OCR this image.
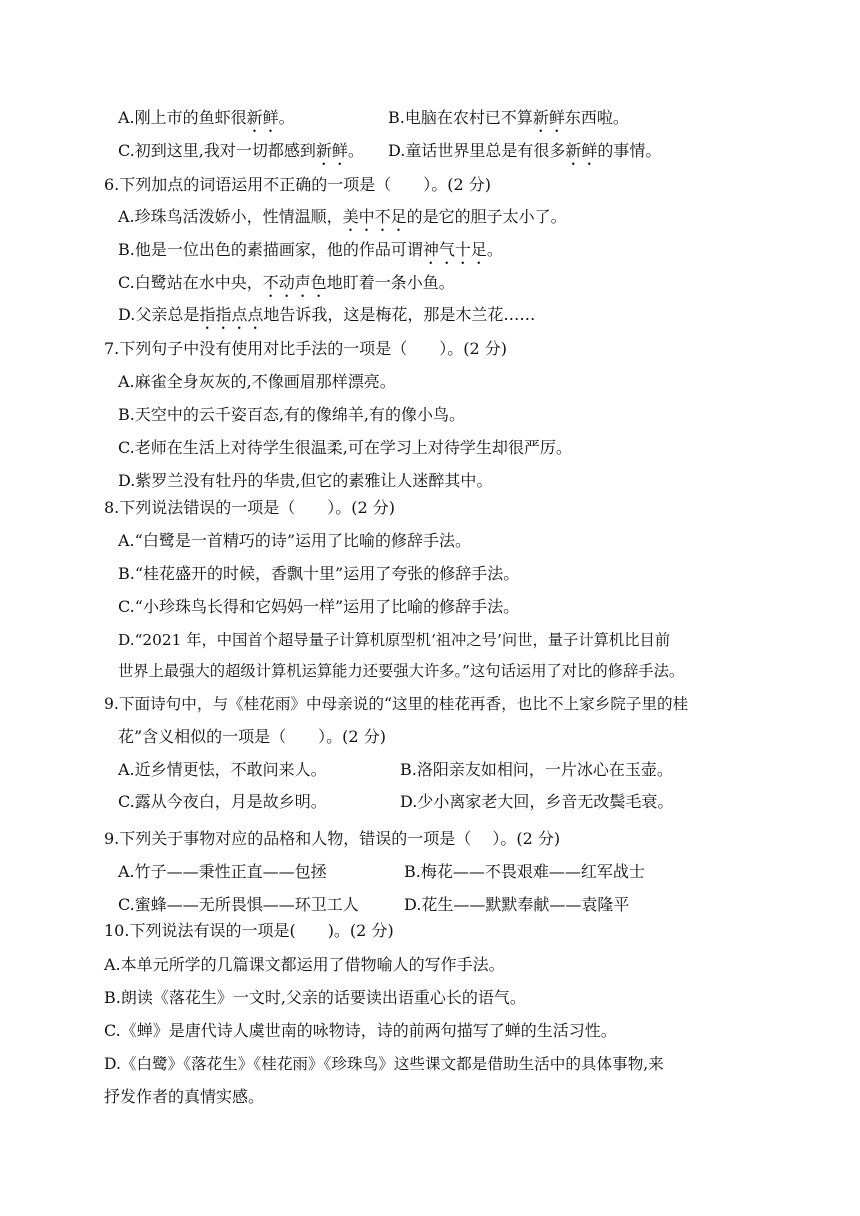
A.刚上市的鱼虾很新鲜。	B.电脑在农村已不算新鲜东西啦。
C.初到这里,我对一切都感到新鲜。 D.童话世界里总是有很多新鲜的事情。
6.下列加点的词语运用不正确的一项是（　　）。(2 分)
A.珍珠鸟活泼娇小，性情温顺，美中不足的是它的胆子太小了。
B.他是一位出色的素描画家，他的作品可谓神气十足。
C.白鹭站在水中央，不动声色地盯着一条小鱼。
D.父亲总是指指点点地告诉我，这是梅花，那是木兰花……
7.下列句子中没有使用对比手法的一项是（　　）。(2 分)
A.麻雀全身灰灰的,不像画眉那样漂亮。
B.天空中的云千姿百态,有的像绵羊,有的像小鸟。
C.老师在生活上对待学生很温柔,可在学习上对待学生却很严厉。
D.紫罗兰没有牡丹的华贵,但它的素雅让人迷醉其中。
8.下列说法错误的一项是（　　）。(2 分)
A.“白鹭是一首精巧的诗”运用了比喻的修辞手法。
B.“桂花盛开的时候，香飘十里”运用了夸张的修辞手法。
C.“小珍珠鸟长得和它妈妈一样”运用了比喻的修辞手法。
D.“2021 年，中国首个超导量子计算机原型机‘祖冲之号’问世，量子计算机比目前
世界上最强大的超级计算机运算能力还要强大许多。”这句话运用了对比的修辞手法。
9.下面诗句中，与《桂花雨》中母亲说的“这里的桂花再香，也比不上家乡院子里的桂
花”含义相似的一项是（　　）。(2 分)
A.近乡情更怯，不敢问来人。	B.洛阳亲友如相问，一片冰心在玉壶。
C.露从今夜白，月是故乡明。	D.少小离家老大回，乡音无改鬓毛衰。
9.下列关于事物对应的品格和人物，错误的一项是（　 ）。(2 分)
A.竹子——秉性正直——包拯	B.梅花——不畏艰难——红军战士
C.蜜蜂——无所畏惧——环卫工人	D.花生——默默奉献——袁隆平
10.下列说法有误的一项是(　　)。(2 分)
A.本单元所学的几篇课文都运用了借物喻人的写作手法。
B.朗读《落花生》一文时,父亲的话要读出语重心长的语气。
C.《蝉》是唐代诗人虞世南的咏物诗，诗的前两句描写了蝉的生活习性。
D.《白鹭》《落花生》《桂花雨》《珍珠鸟》这些课文都是借助生活中的具体事物,来
抒发作者的真情实感。
